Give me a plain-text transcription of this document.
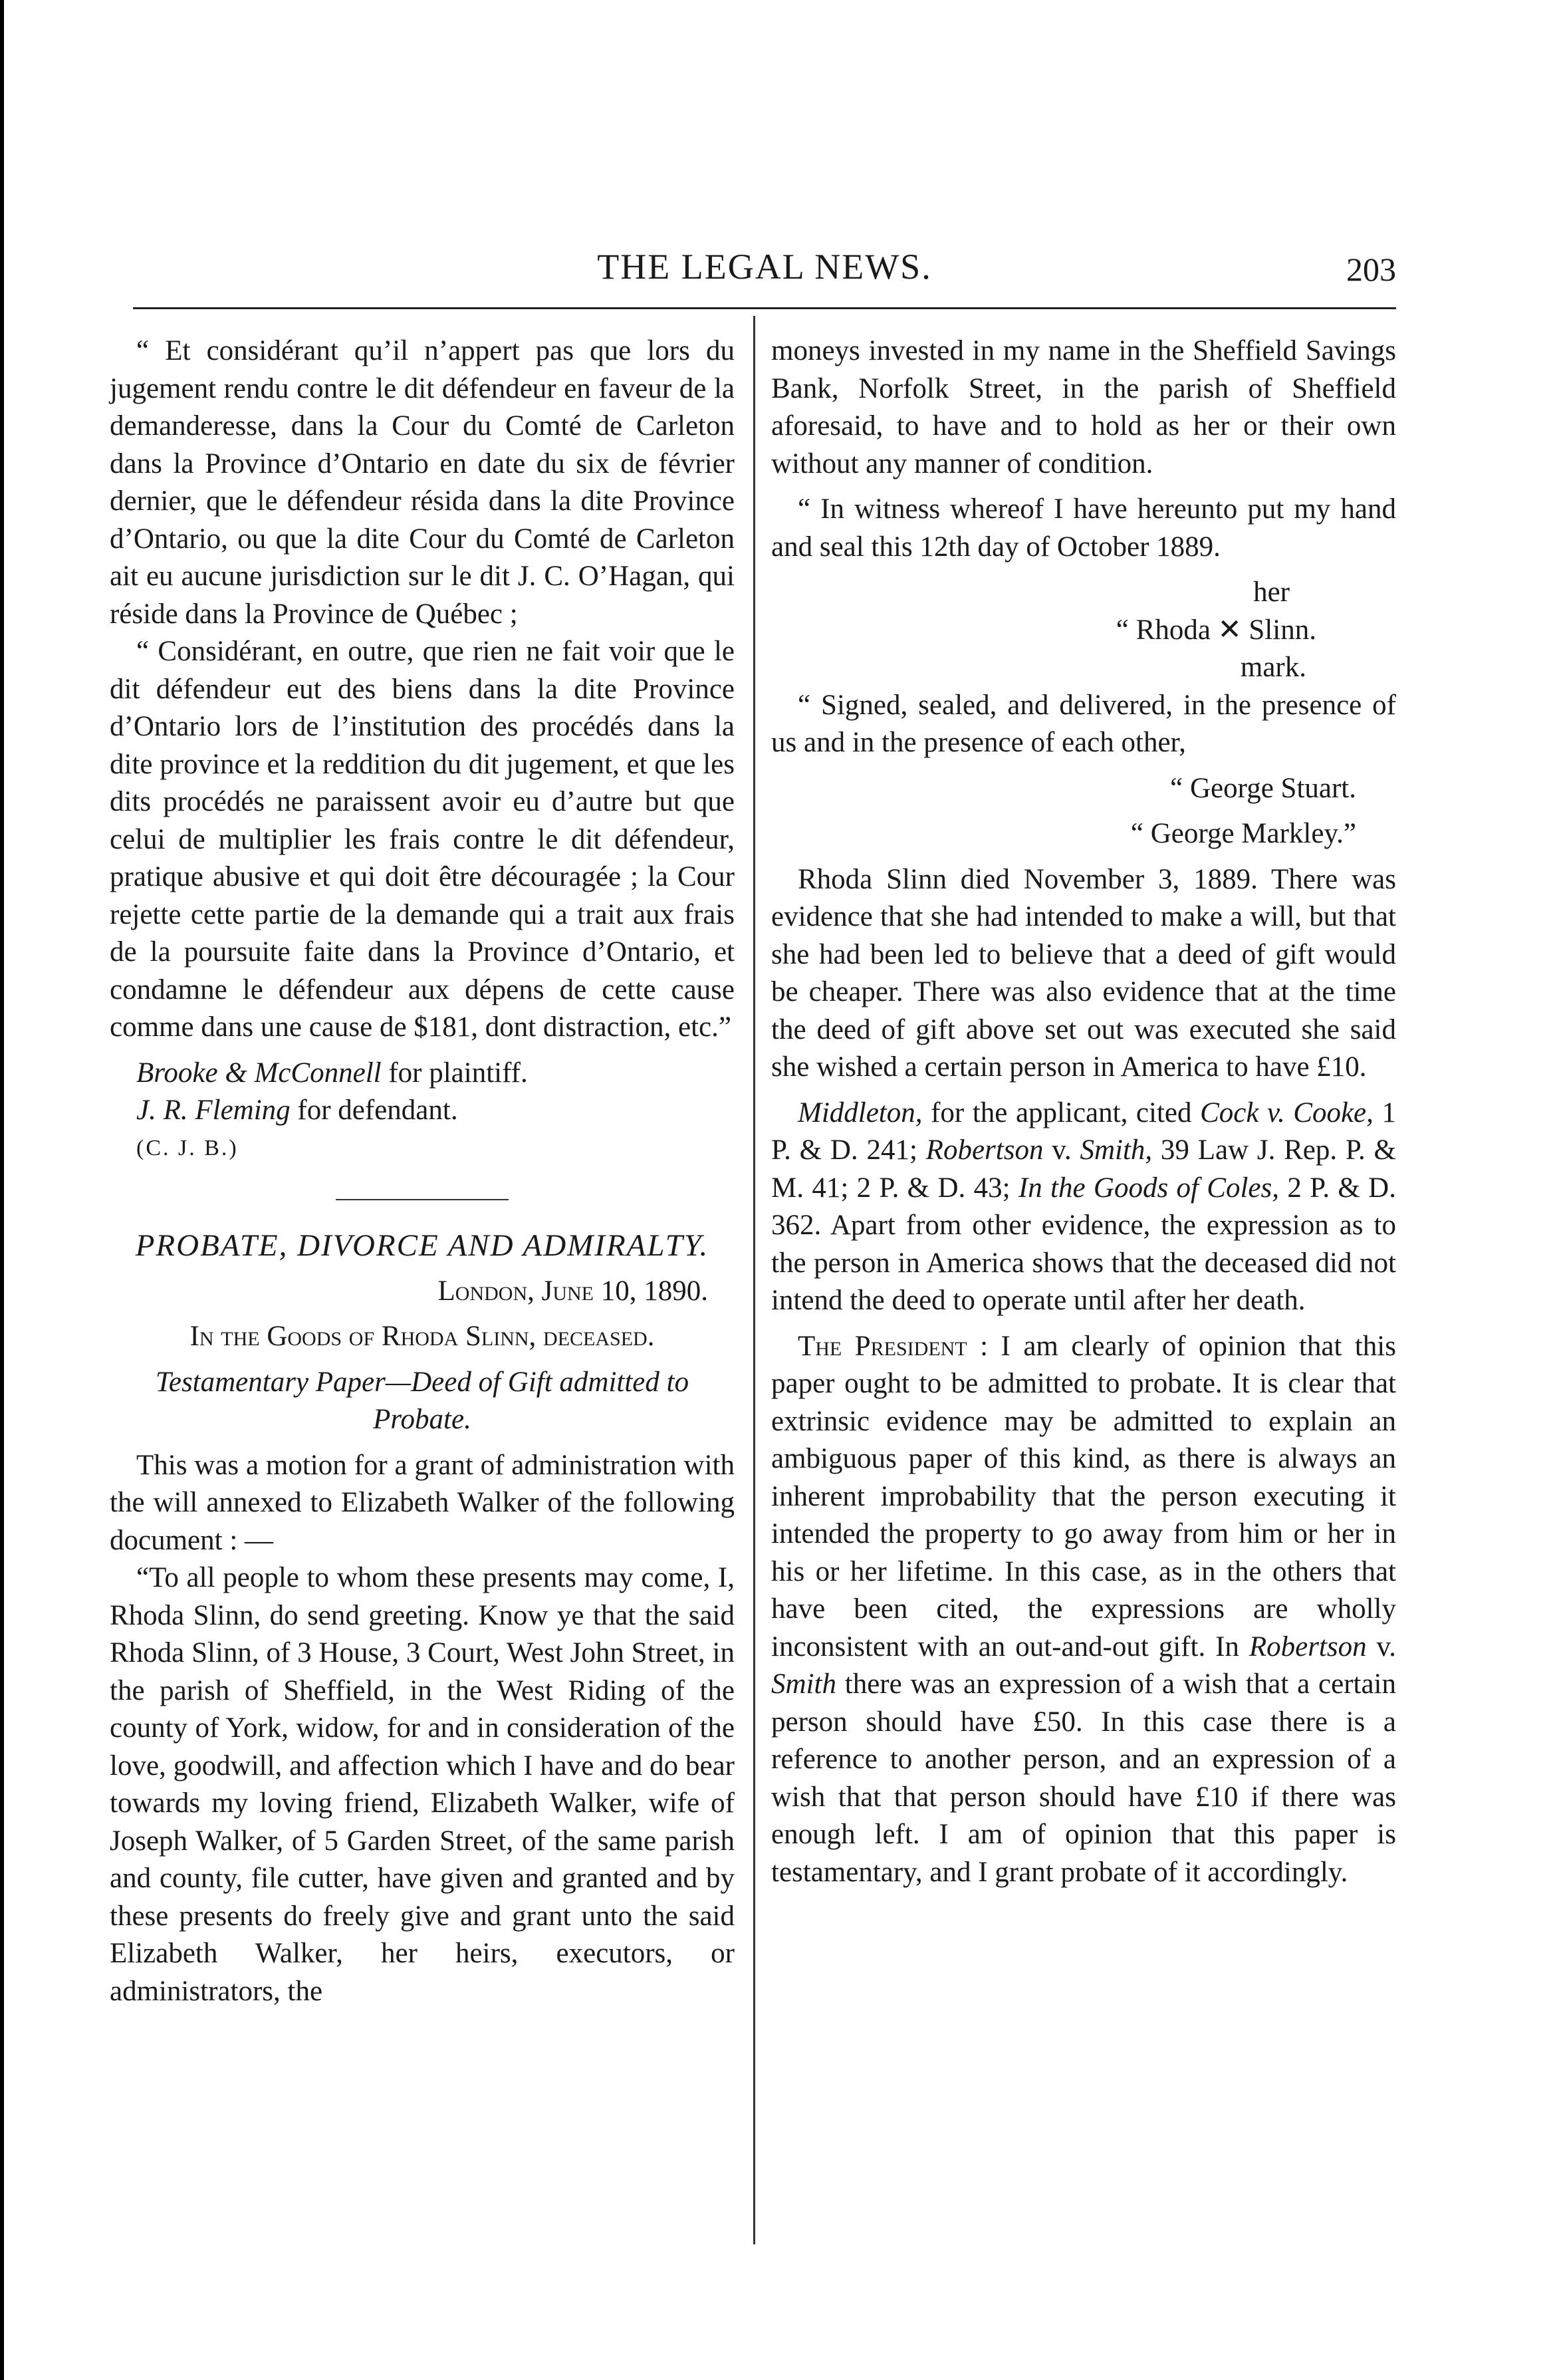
THE LEGAL NEWS.	203

“ Et considérant qu’il n’appert pas que lors du jugement rendu contre le dit défendeur en faveur de la demanderesse, dans la Cour du Comté de Carleton dans la Province d’Ontario en date du six de février dernier, que le défendeur résida dans la dite Province d’Ontario, ou que la dite Cour du Comté de Carleton ait eu aucune jurisdiction sur le dit J. C. O’Hagan, qui réside dans la Province de Québec ;

“ Considérant, en outre, que rien ne fait voir que le dit défendeur eut des biens dans la dite Province d’Ontario lors de l’institution des procédés dans la dite province et la reddition du dit jugement, et que les dits procédés ne paraissent avoir eu d’autre but que celui de multiplier les frais contre le dit défendeur, pratique abusive et qui doit être découragée ; la Cour rejette cette partie de la demande qui a trait aux frais de la poursuite faite dans la Province d’Ontario, et condamne le défendeur aux dépens de cette cause comme dans une cause de $181, dont distraction, etc.”

Brooke & McConnell for plaintiff.
J. R. Fleming for defendant.
(C. J. B.)
PROBATE, DIVORCE AND ADMIRALTY.
London, June 10, 1890.
In the Goods of Rhoda Slinn, deceased.
Testamentary Paper—Deed of Gift admitted to Probate.

This was a motion for a grant of administration with the will annexed to Elizabeth Walker of the following document : —

“To all people to whom these presents may come, I, Rhoda Slinn, do send greeting. Know ye that the said Rhoda Slinn, of 3 House, 3 Court, West John Street, in the parish of Sheffield, in the West Riding of the county of York, widow, for and in consideration of the love, goodwill, and affection which I have and do bear towards my loving friend, Elizabeth Walker, wife of Joseph Walker, of 5 Garden Street, of the same parish and county, file cutter, have given and granted and by these presents do freely give and grant unto the said Elizabeth Walker, her heirs, executors, or administrators, the

moneys invested in my name in the Sheffield Savings Bank, Norfolk Street, in the parish of Sheffield aforesaid, to have and to hold as her or their own without any manner of condition.

“ In witness whereof I have hereunto put my hand and seal this 12th day of October 1889.

her
“ Rhoda ✕ Slinn.
mark.

“ Signed, sealed, and delivered, in the presence of us and in the presence of each other,

“ George Stuart.
“ George Markley.”

Rhoda Slinn died November 3, 1889. There was evidence that she had intended to make a will, but that she had been led to believe that a deed of gift would be cheaper. There was also evidence that at the time the deed of gift above set out was executed she said she wished a certain person in America to have £10.

Middleton, for the applicant, cited Cock v. Cooke, 1 P. & D. 241; Robertson v. Smith, 39 Law J. Rep. P. & M. 41; 2 P. & D. 43; In the Goods of Coles, 2 P. & D. 362. Apart from other evidence, the expression as to the person in America shows that the deceased did not intend the deed to operate until after her death.

The President : I am clearly of opinion that this paper ought to be admitted to probate. It is clear that extrinsic evidence may be admitted to explain an ambiguous paper of this kind, as there is always an inherent improbability that the person executing it intended the property to go away from him or her in his or her lifetime. In this case, as in the others that have been cited, the expressions are wholly inconsistent with an out-and-out gift. In Robertson v. Smith there was an expression of a wish that a certain person should have £50. In this case there is a reference to another person, and an expression of a wish that that person should have £10 if there was enough left. I am of opinion that this paper is testamentary, and I grant probate of it accordingly.
